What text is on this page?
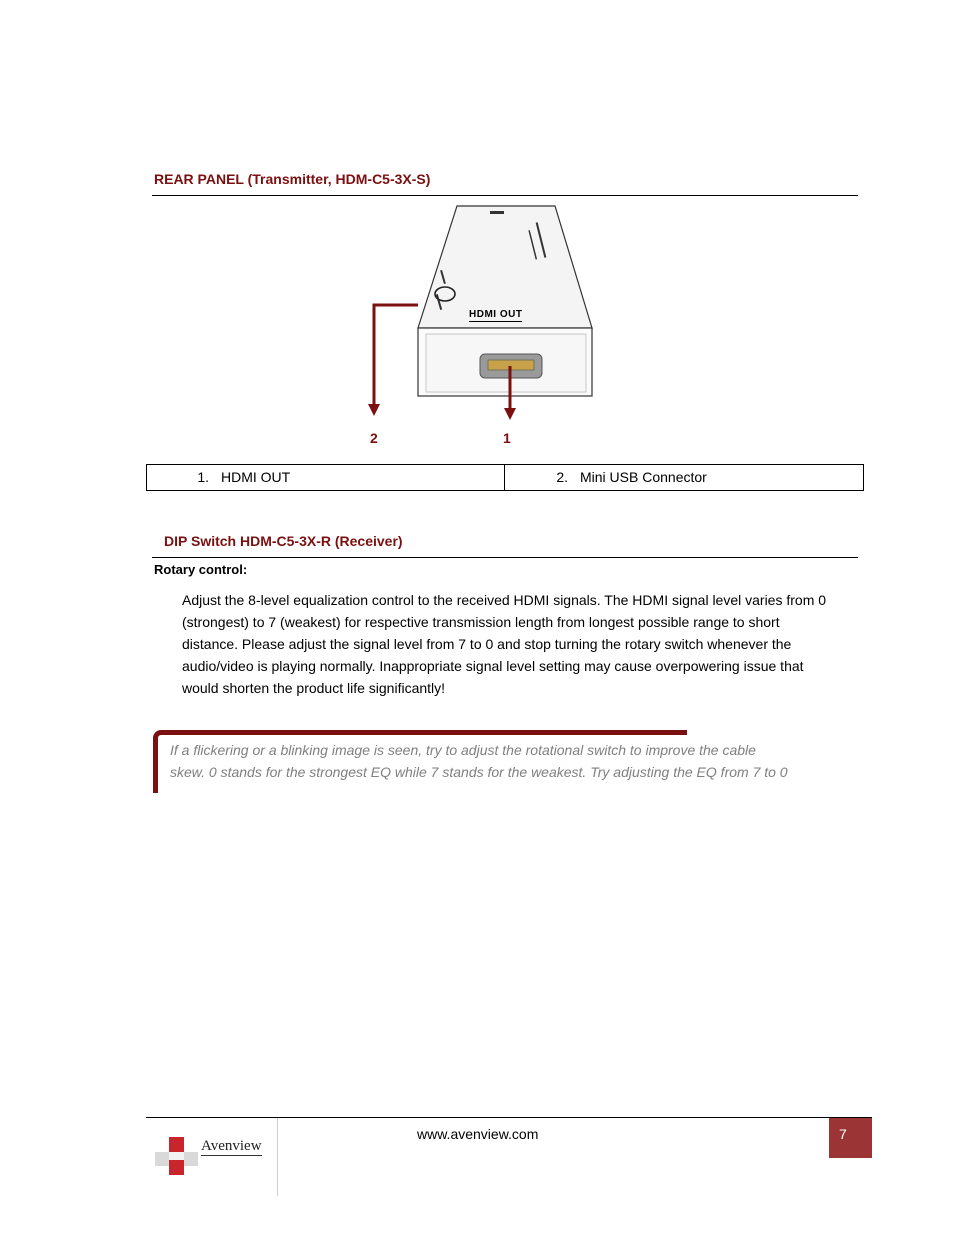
REAR PANEL (Transmitter, HDM-C5-3X-S)
HDMI OUT
2	1
1. HDMI OUT	2. Mini USB Connector
DIP Switch HDM-C5-3X-R (Receiver)
Rotary control:
Adjust the 8-level equalization control to the received HDMI signals. The HDMI signal level varies from 0
(strongest) to 7 (weakest) for respective transmission length from longest possible range to short
distance. Please adjust the signal level from 7 to 0 and stop turning the rotary switch whenever the
audio/video is playing normally. Inappropriate signal level setting may cause overpowering issue that
would shorten the product life significantly!
If a flickering or a blinking image is seen, try to adjust the rotational switch to improve the cable
skew. 0 stands for the strongest EQ while 7 stands for the weakest. Try adjusting the EQ from 7 to 0
Avenview
www.avenview.com	7
